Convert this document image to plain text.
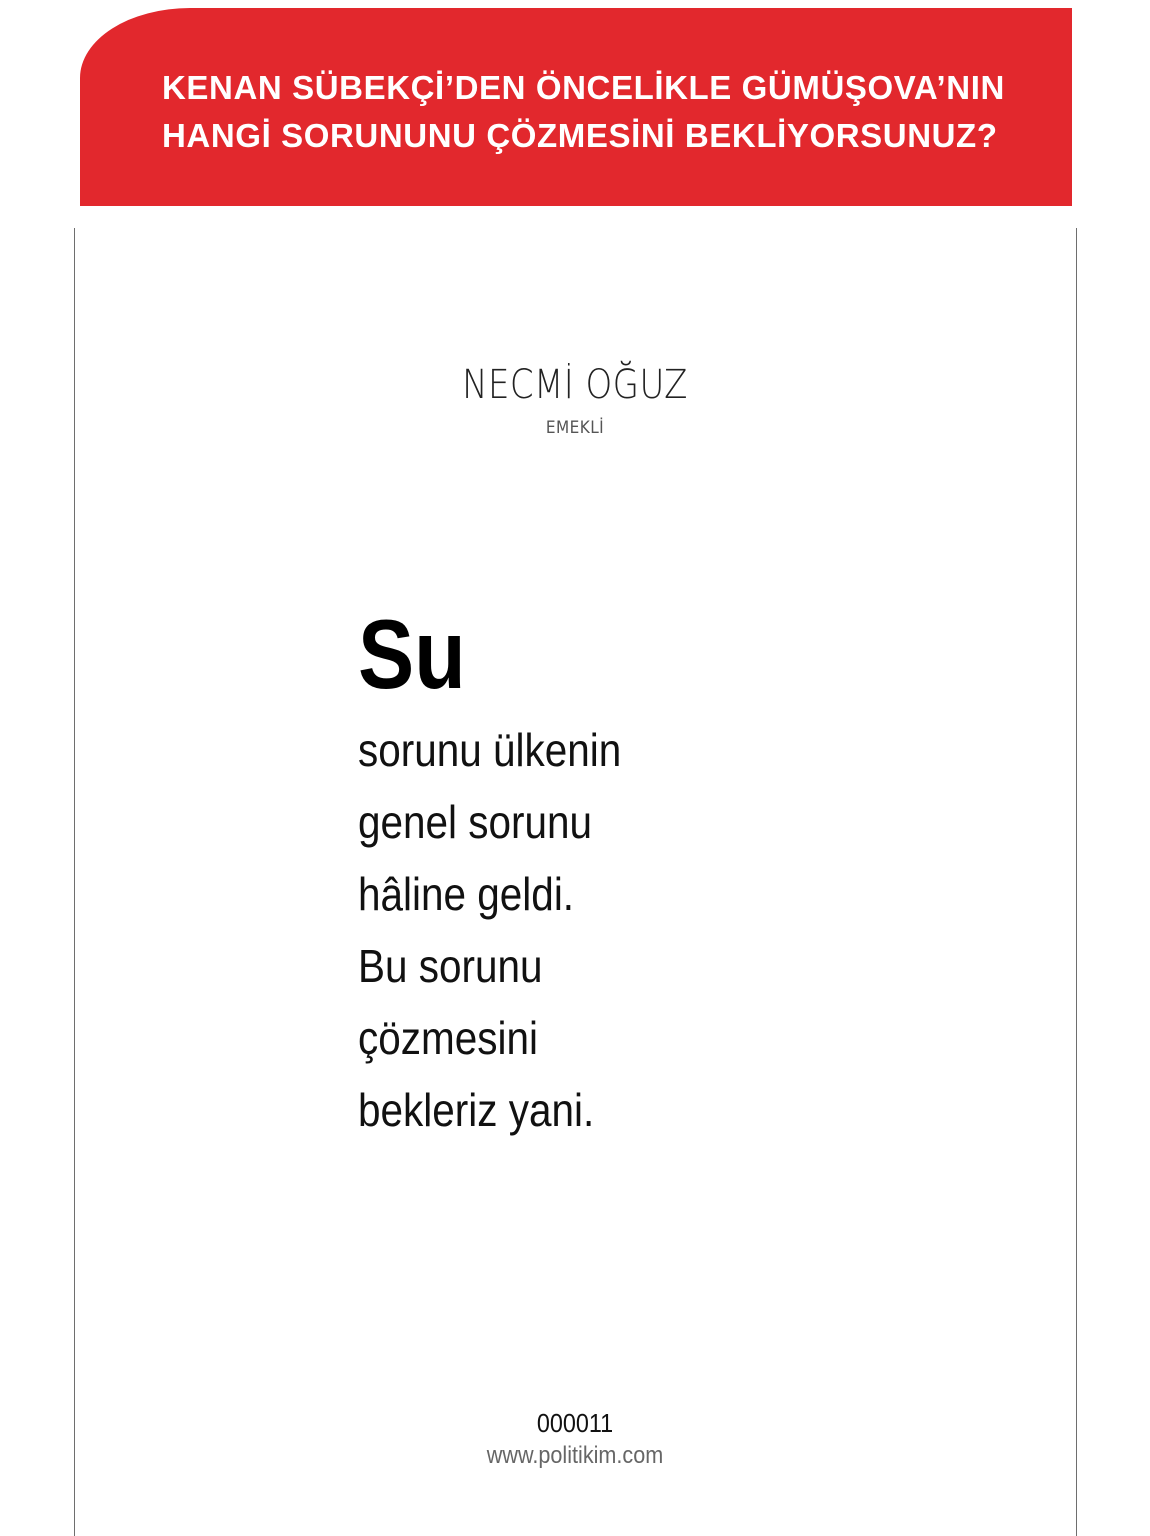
KENAN SÜBEKÇİ’DEN ÖNCELİKLE GÜMÜŞOVA’NIN
HANGİ SORUNUNU ÇÖZMESİNİ BEKLİYORSUNUZ?
NECMİ OĞUZ
EMEKLİ
Su
sorunu ülkenin
genel sorunu
hâline geldi.
Bu sorunu
çözmesini
bekleriz yani.
000011
www.politikim.com
